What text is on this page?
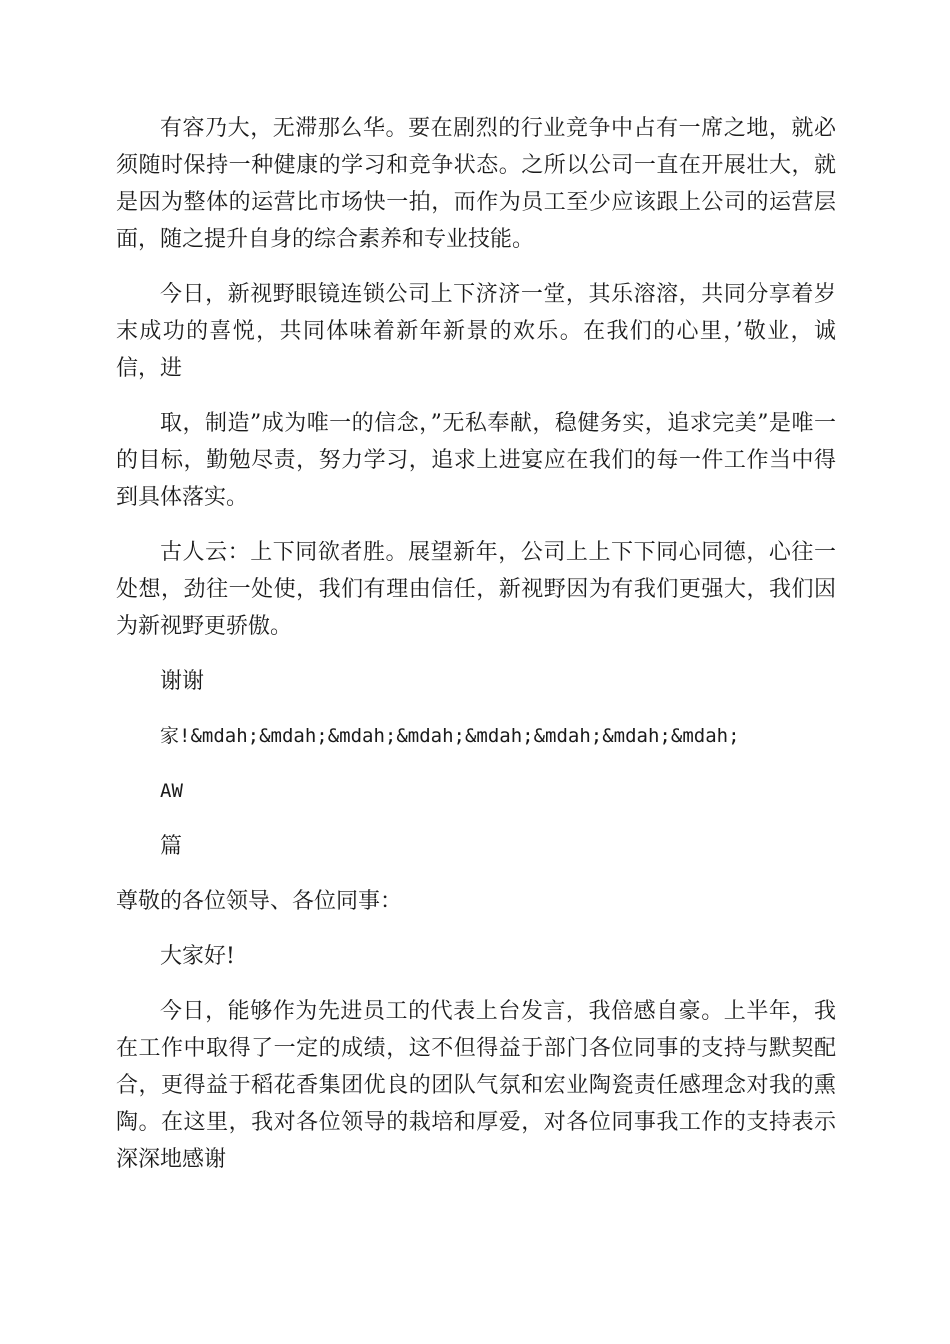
有容乃大，无滞那么华。要在剧烈的行业竞争中占有一席之地，就必须随时保持一种健康的学习和竞争状态。之所以公司一直在开展壮大，就是因为整体的运营比市场快一拍，而作为员工至少应该跟上公司的运营层面，随之提升自身的综合素养和专业技能。

今日，新视野眼镜连锁公司上下济济一堂，其乐溶溶，共同分享着岁末成功的喜悦，共同体味着新年新景的欢乐。在我们的心里，’敬业，诚信，进

取，制造”成为唯一的信念，”无私奉献，稳健务实，追求完美”是唯一的目标，勤勉尽责，努力学习，追求上进宴应在我们的每一件工作当中得到具体落实。

古人云：上下同欲者胜。展望新年，公司上上下下同心同德，心往一处想，劲往一处使，我们有理由信任，新视野因为有我们更强大，我们因为新视野更骄傲。

谢谢

家!&mdah;&mdah;&mdah;&mdah;&mdah;&mdah;&mdah;&mdah;

AW

篇

尊敬的各位领导、各位同事：

大家好!

今日，能够作为先进员工的代表上台发言，我倍感自豪。上半年，我在工作中取得了一定的成绩，这不但得益于部门各位同事的支持与默契配合，更得益于稻花香集团优良的团队气氛和宏业陶瓷责任感理念对我的熏陶。在这里，我对各位领导的栽培和厚爱，对各位同事我工作的支持表示深深地感谢
